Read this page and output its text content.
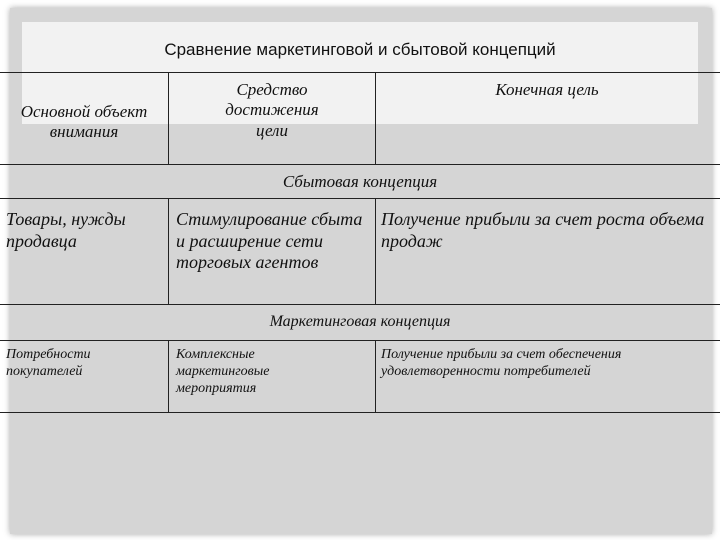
Сравнение маркетинговой и сбытовой концепций
Основной объект внимания
Средство достижения цели
Конечная цель
Сбытовая концепция
Товары, нужды продавца
Стимулирование сбыта и расширение сети торговых агентов
Получение прибыли за счет роста объема продаж
Маркетинговая концепция
Потребности покупателей
Комплексные маркетинговые мероприятия
Получение прибыли за счет обеспечения удовлетворенности потребителей
